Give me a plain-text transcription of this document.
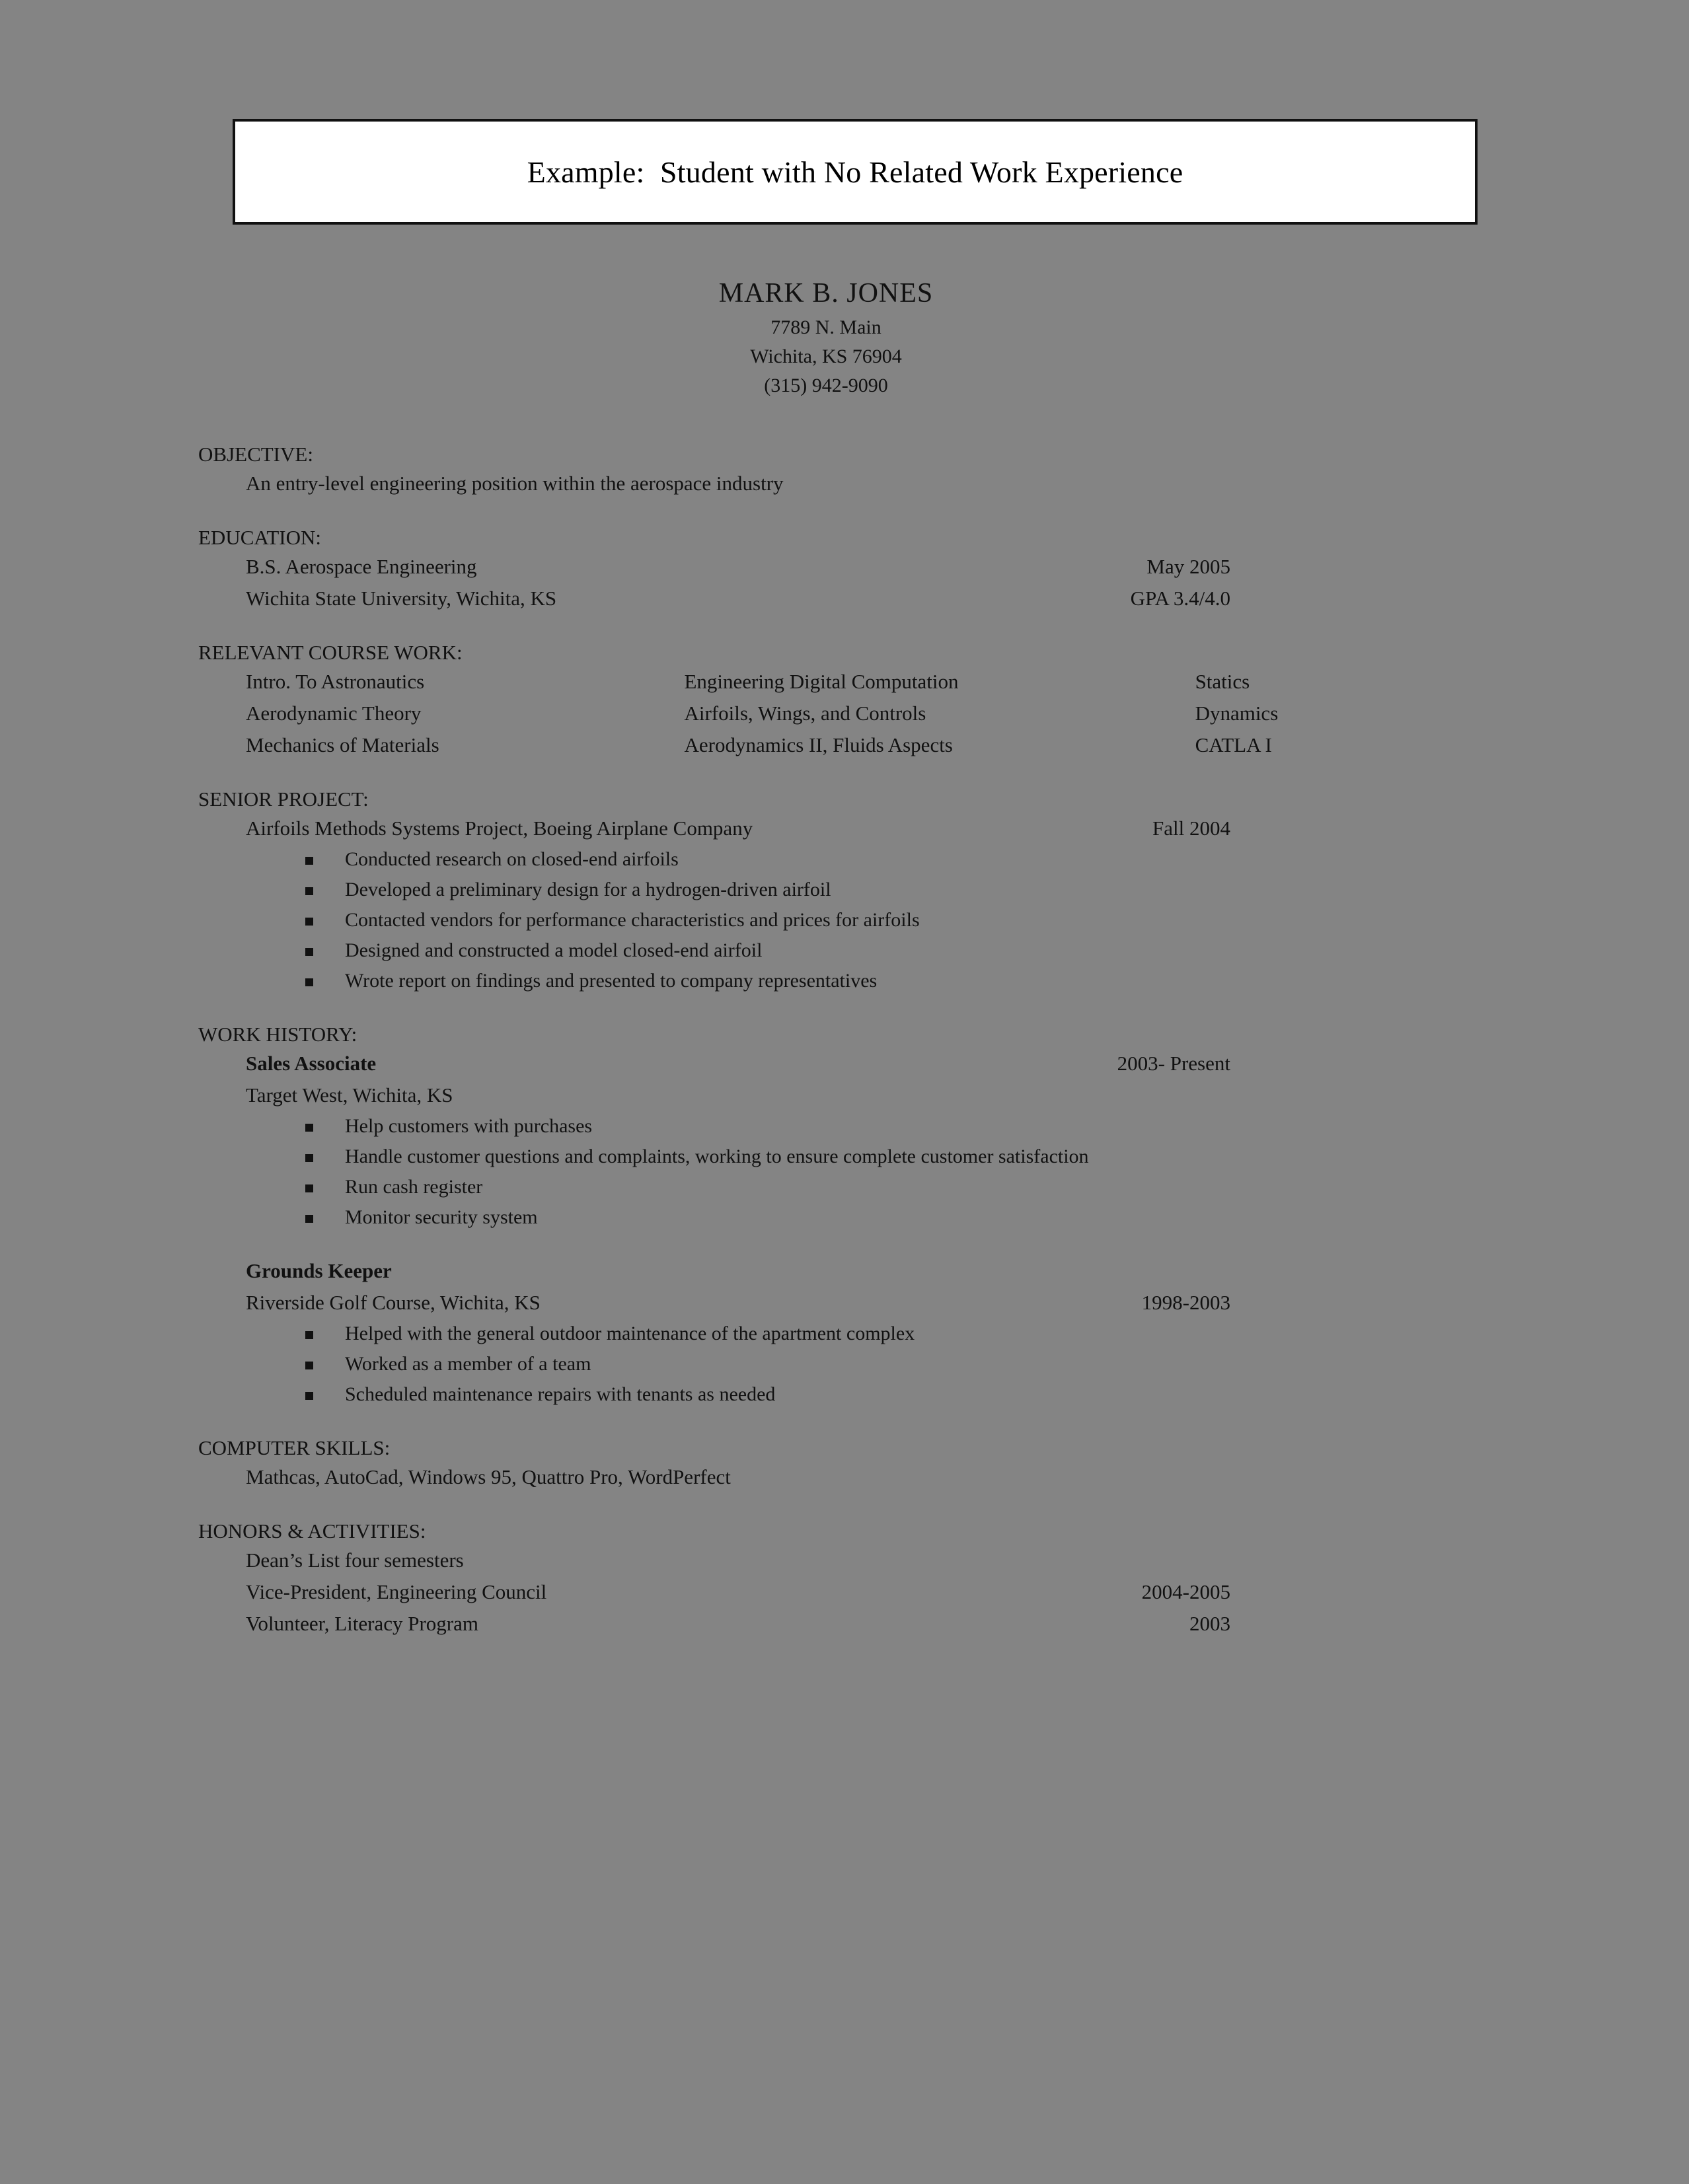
Example:  Student with No Related Work Experience
MARK B. JONES
7789 N. Main
Wichita, KS 76904
(315) 942-9090
OBJECTIVE:
An entry-level engineering position within the aerospace industry
EDUCATION:
B.S. Aerospace Engineering	May 2005
Wichita State University, Wichita, KS	GPA 3.4/4.0
RELEVANT COURSE WORK:
Intro. To Astronautics	Engineering Digital Computation	Statics
Aerodynamic Theory	Airfoils, Wings, and Controls	Dynamics
Mechanics of Materials	Aerodynamics II, Fluids Aspects	CATLA I
SENIOR PROJECT:
Airfoils Methods Systems Project, Boeing Airplane Company	Fall 2004
Conducted research on closed-end airfoils
Developed a preliminary design for a hydrogen-driven airfoil
Contacted vendors for performance characteristics and prices for airfoils
Designed and constructed a model closed-end airfoil
Wrote report on findings and presented to company representatives
WORK HISTORY:
Sales Associate	2003- Present
Target West, Wichita, KS
Help customers with purchases
Handle customer questions and complaints, working to ensure complete customer satisfaction
Run cash register
Monitor security system
Grounds Keeper
Riverside Golf Course, Wichita, KS	1998-2003
Helped with the general outdoor maintenance of the apartment complex
Worked as a member of a team
Scheduled maintenance repairs with tenants as needed
COMPUTER SKILLS:
Mathcas, AutoCad, Windows 95, Quattro Pro, WordPerfect
HONORS & ACTIVITIES:
Dean’s List four semesters
Vice-President, Engineering Council	2004-2005
Volunteer, Literacy Program	2003
